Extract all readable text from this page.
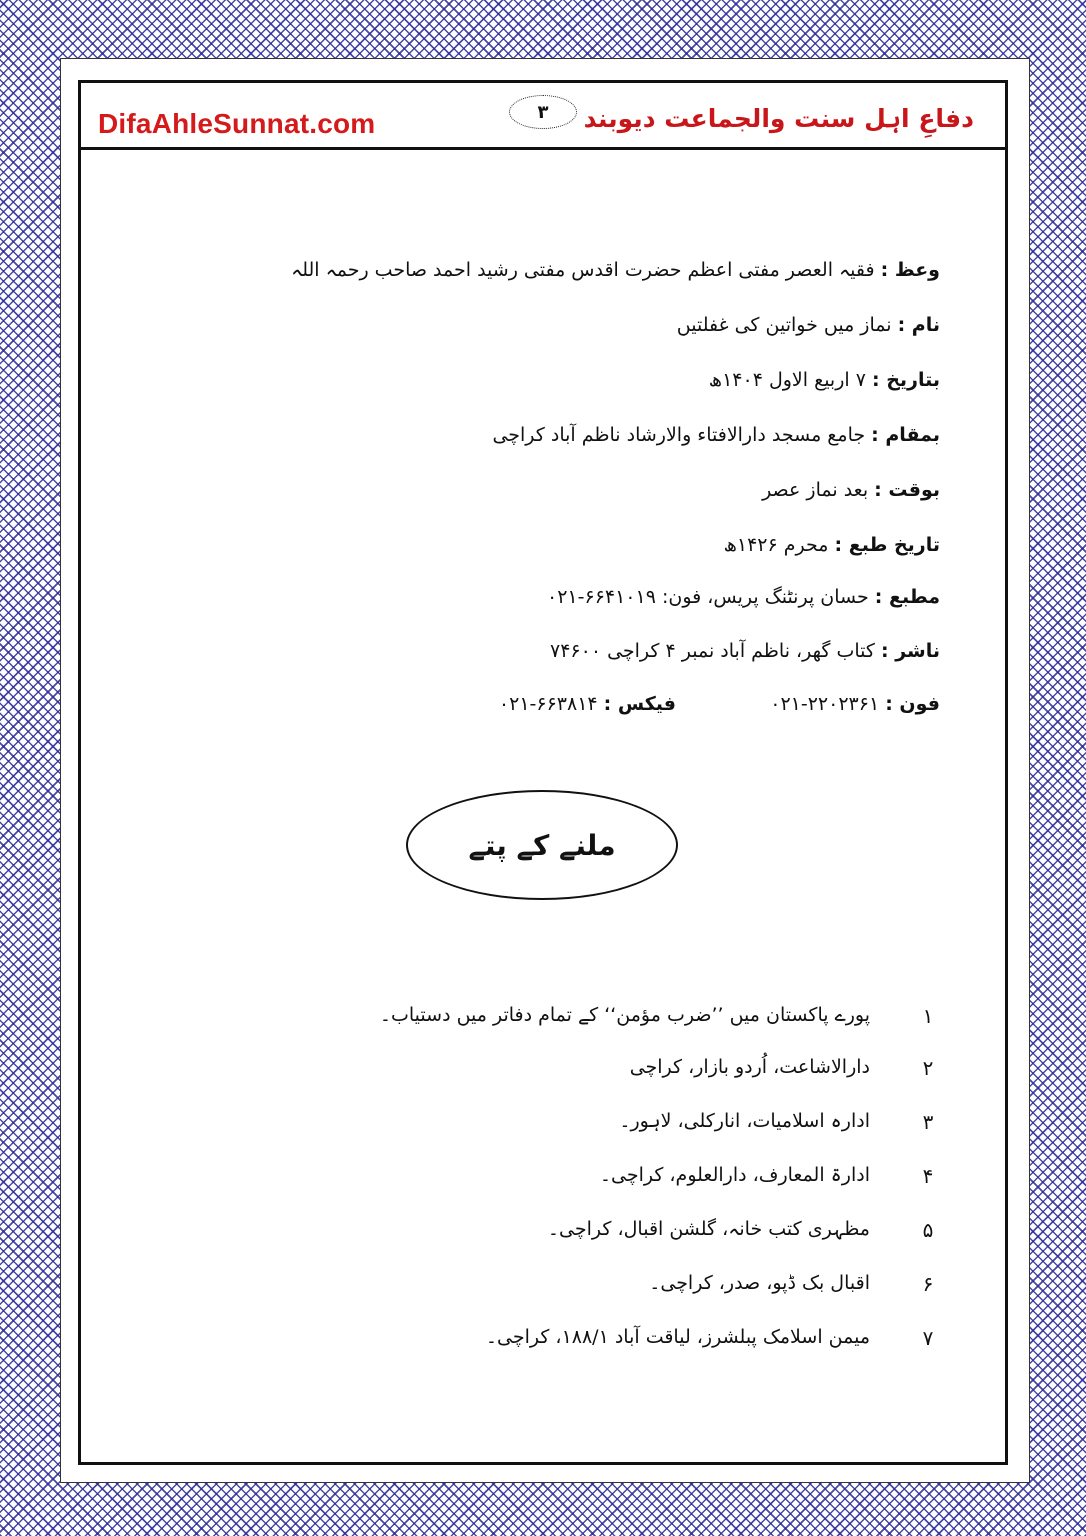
DifaAhleSunnat.com	۳ دفاعِ اہل سنت والجماعت دیوبند
وعظ : فقیہ العصر مفتی اعظم حضرت اقدس مفتی رشید احمد صاحب رحمہ اللہ
نام : نماز میں خواتین کی غفلتیں
بتاریخ : ۷ اربیع الاول ۱۴۰۴ھ
بمقام : جامع مسجد دارالافتاء والارشاد ناظم آباد کراچی
بوقت : بعد نماز عصر
تاریخ طبع : محرم ۱۴۲۶ھ
مطبع : حسان پرنٹنگ پریس، فون: ۶۶۴۱۰۱۹-۰۲۱
ناشر : کتاب گھر، ناظم آباد نمبر ۴ کراچی ۷۴۶۰۰
فون : ۲۲۰۲۳۶۱-۰۲۱
فیکس : ۶۶۳۸۱۴-۰۲۱
ملنے کے پتے
۱
پورے پاکستان میں ’’ضرب مؤمن‘‘ کے تمام دفاتر میں دستیاب۔
۲
دارالاشاعت، اُردو بازار، کراچی
۳
ادارہ اسلامیات، انارکلی، لاہور۔
۴
ادارۃ المعارف، دارالعلوم، کراچی۔
۵
مظہری کتب خانہ، گلشن اقبال، کراچی۔
۶
اقبال بک ڈپو، صدر، کراچی۔
۷
میمن اسلامک پبلشرز، لیاقت آباد ۱۸۸/۱، کراچی۔
